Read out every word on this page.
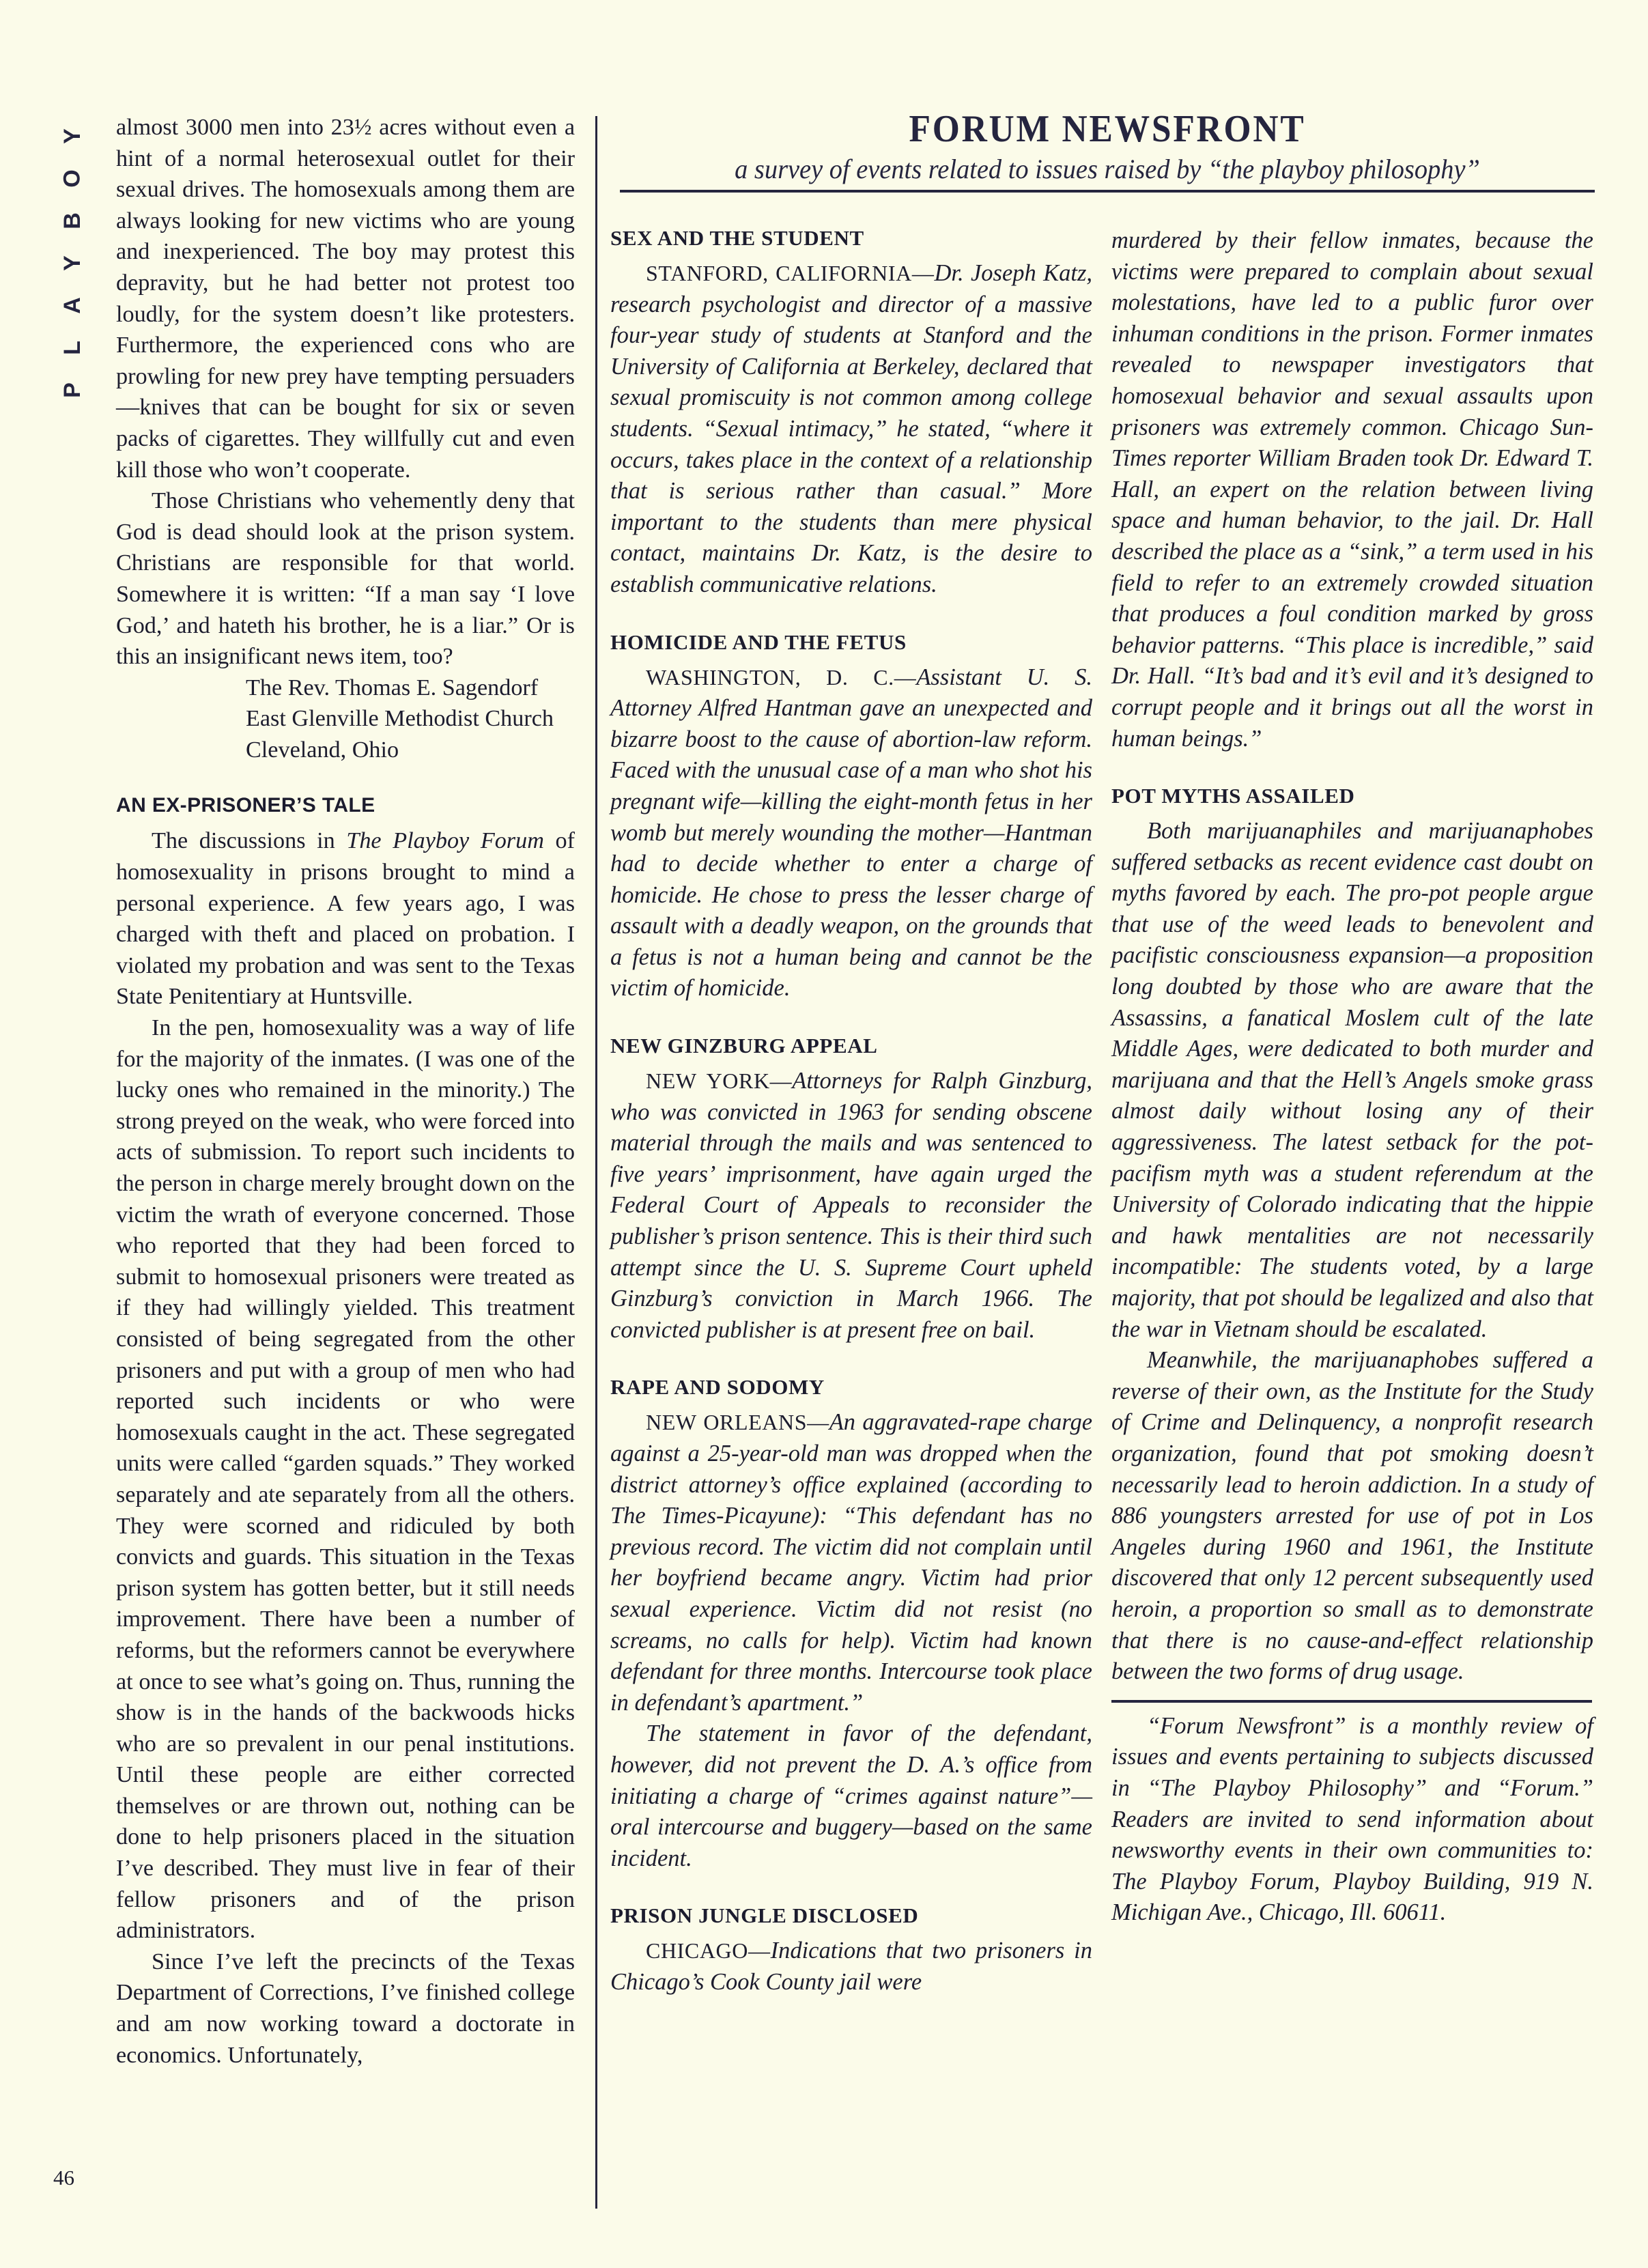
Y
O
B
Y
A
L
P
46
FORUM NEWSFRONT
a survey of events related to issues raised by “the playboy philosophy”

almost 3000 men into 23½ acres without even a hint of a normal heterosexual outlet for their sexual drives. The homosexuals among them are always looking for new victims who are young and inexperienced. The boy may protest this depravity, but he had better not protest too loudly, for the system doesn’t like protesters. Furthermore, the experienced cons who are prowling for new prey have tempting persuaders—knives that can be bought for six or seven packs of cigarettes. They willfully cut and even kill those who won’t cooperate.

Those Christians who vehemently deny that God is dead should look at the prison system. Christians are responsible for that world. Somewhere it is written: “If a man say ‘I love God,’ and hateth his brother, he is a liar.” Or is this an insignificant news item, too?

The Rev. Thomas E. Sagendorf

East Glenville Methodist Church

Cleveland, Ohio

AN EX-PRISONER’S TALE

The discussions in The Playboy Forum of homosexuality in prisons brought to mind a personal experience. A few years ago, I was charged with theft and placed on probation. I violated my probation and was sent to the Texas State Penitentiary at Huntsville.

In the pen, homosexuality was a way of life for the majority of the inmates. (I was one of the lucky ones who remained in the minority.) The strong preyed on the weak, who were forced into acts of submission. To report such incidents to the person in charge merely brought down on the victim the wrath of everyone concerned. Those who reported that they had been forced to submit to homosexual prisoners were treated as if they had willingly yielded. This treatment consisted of being segregated from the other prisoners and put with a group of men who had reported such incidents or who were homosexuals caught in the act. These segregated units were called “garden squads.” They worked separately and ate separately from all the others. They were scorned and ridiculed by both convicts and guards. This situation in the Texas prison system has gotten better, but it still needs improvement. There have been a number of reforms, but the reformers cannot be everywhere at once to see what’s going on. Thus, running the show is in the hands of the backwoods hicks who are so prevalent in our penal institutions. Until these people are either corrected themselves or are thrown out, nothing can be done to help prisoners placed in the situation I’ve described. They must live in fear of their fellow prisoners and of the prison administrators.

Since I’ve left the precincts of the Texas Department of Corrections, I’ve finished college and am now working toward a doctorate in economics. Unfortunately,

SEX AND THE STUDENT

STANFORD, CALIFORNIA—Dr. Joseph Katz, research psychologist and director of a massive four-year study of students at Stanford and the University of California at Berkeley, declared that sexual promiscuity is not common among college students. “Sexual intimacy,” he stated, “where it occurs, takes place in the context of a relationship that is serious rather than casual.” More important to the students than mere physical contact, maintains Dr. Katz, is the desire to establish communicative relations.

HOMICIDE AND THE FETUS

WASHINGTON, D. C.—Assistant U. S. Attorney Alfred Hantman gave an unexpected and bizarre boost to the cause of abortion-law reform. Faced with the unusual case of a man who shot his pregnant wife—killing the eight-month fetus in her womb but merely wounding the mother—Hantman had to decide whether to enter a charge of homicide. He chose to press the lesser charge of assault with a deadly weapon, on the grounds that a fetus is not a human being and cannot be the victim of homicide.

NEW GINZBURG APPEAL

NEW YORK—Attorneys for Ralph Ginzburg, who was convicted in 1963 for sending obscene material through the mails and was sentenced to five years’ imprisonment, have again urged the Federal Court of Appeals to reconsider the publisher’s prison sentence. This is their third such attempt since the U. S. Supreme Court upheld Ginzburg’s conviction in March 1966. The convicted publisher is at present free on bail.

RAPE AND SODOMY

NEW ORLEANS—An aggravated-rape charge against a 25-year-old man was dropped when the district attorney’s office explained (according to The Times-Picayune): “This defendant has no previous record. The victim did not complain until her boyfriend became angry. Victim had prior sexual experience. Victim did not resist (no screams, no calls for help). Victim had known defendant for three months. Intercourse took place in defendant’s apartment.”

The statement in favor of the defendant, however, did not prevent the D. A.’s office from initiating a charge of “crimes against nature”—oral intercourse and buggery—based on the same incident.

PRISON JUNGLE DISCLOSED

CHICAGO—Indications that two prisoners in Chicago’s Cook County jail were

murdered by their fellow inmates, because the victims were prepared to complain about sexual molestations, have led to a public furor over inhuman conditions in the prison. Former inmates revealed to newspaper investigators that homosexual behavior and sexual assaults upon prisoners was extremely common. Chicago Sun-Times reporter William Braden took Dr. Edward T. Hall, an expert on the relation between living space and human behavior, to the jail. Dr. Hall described the place as a “sink,” a term used in his field to refer to an extremely crowded situation that produces a foul condition marked by gross behavior patterns. “This place is incredible,” said Dr. Hall. “It’s bad and it’s evil and it’s designed to corrupt people and it brings out all the worst in human beings.”

POT MYTHS ASSAILED

Both marijuanaphiles and marijuanaphobes suffered setbacks as recent evidence cast doubt on myths favored by each. The pro-pot people argue that use of the weed leads to benevolent and pacifistic consciousness expansion—a proposition long doubted by those who are aware that the Assassins, a fanatical Moslem cult of the late Middle Ages, were dedicated to both murder and marijuana and that the Hell’s Angels smoke grass almost daily without losing any of their aggressiveness. The latest setback for the pot-pacifism myth was a student referendum at the University of Colorado indicating that the hippie and hawk mentalities are not necessarily incompatible: The students voted, by a large majority, that pot should be legalized and also that the war in Vietnam should be escalated.

Meanwhile, the marijuanaphobes suffered a reverse of their own, as the Institute for the Study of Crime and Delinquency, a nonprofit research organization, found that pot smoking doesn’t necessarily lead to heroin addiction. In a study of 886 youngsters arrested for use of pot in Los Angeles during 1960 and 1961, the Institute discovered that only 12 percent subsequently used heroin, a proportion so small as to demonstrate that there is no cause-and-effect relationship between the two forms of drug usage.

“Forum Newsfront” is a monthly review of issues and events pertaining to subjects discussed in “The Playboy Philosophy” and “Forum.” Readers are invited to send information about newsworthy events in their own communities to: The Playboy Forum, Playboy Building, 919 N. Michigan Ave., Chicago, Ill. 60611.
